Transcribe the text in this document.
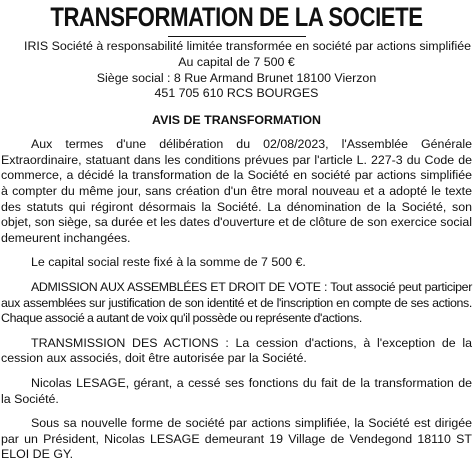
TRANSFORMATION DE LA SOCIETE
IRIS Société à responsabilité limitée transformée en société par actions simplifiée
Au capital de 7 500 €
Siège social : 8 Rue Armand Brunet 18100 Vierzon
451 705 610 RCS BOURGES
AVIS DE TRANSFORMATION

Aux termes d'une délibération du 02/08/2023, l'Assemblée Générale Extraordinaire, statuant dans les conditions prévues par l'article L. 227-3 du Code de commerce, a décidé la transformation de la Société en société par actions simplifiée à compter du même jour, sans création d'un être moral nouveau et a adopté le texte des statuts qui régiront désormais la Société. La dénomination de la Société, son objet, son siège, sa durée et les dates d'ouverture et de clôture de son exercice social demeurent inchangées.

Le capital social reste fixé à la somme de 7 500 €.

ADMISSION AUX ASSEMBLÉES ET DROIT DE VOTE : Tout associé peut participer aux assemblées sur justification de son identité et de l'inscription en compte de ses actions. Chaque associé a autant de voix qu'il possède ou représente d'actions.

TRANSMISSION DES ACTIONS : La cession d'actions, à l'exception de la cession aux associés, doit être autorisée par la Société.

Nicolas LESAGE, gérant, a cessé ses fonctions du fait de la transformation de la Société.

Sous sa nouvelle forme de société par actions simplifiée, la Société est dirigée par un Président, Nicolas LESAGE demeurant 19 Village de Vendegond 18110 ST ELOI DE GY.
